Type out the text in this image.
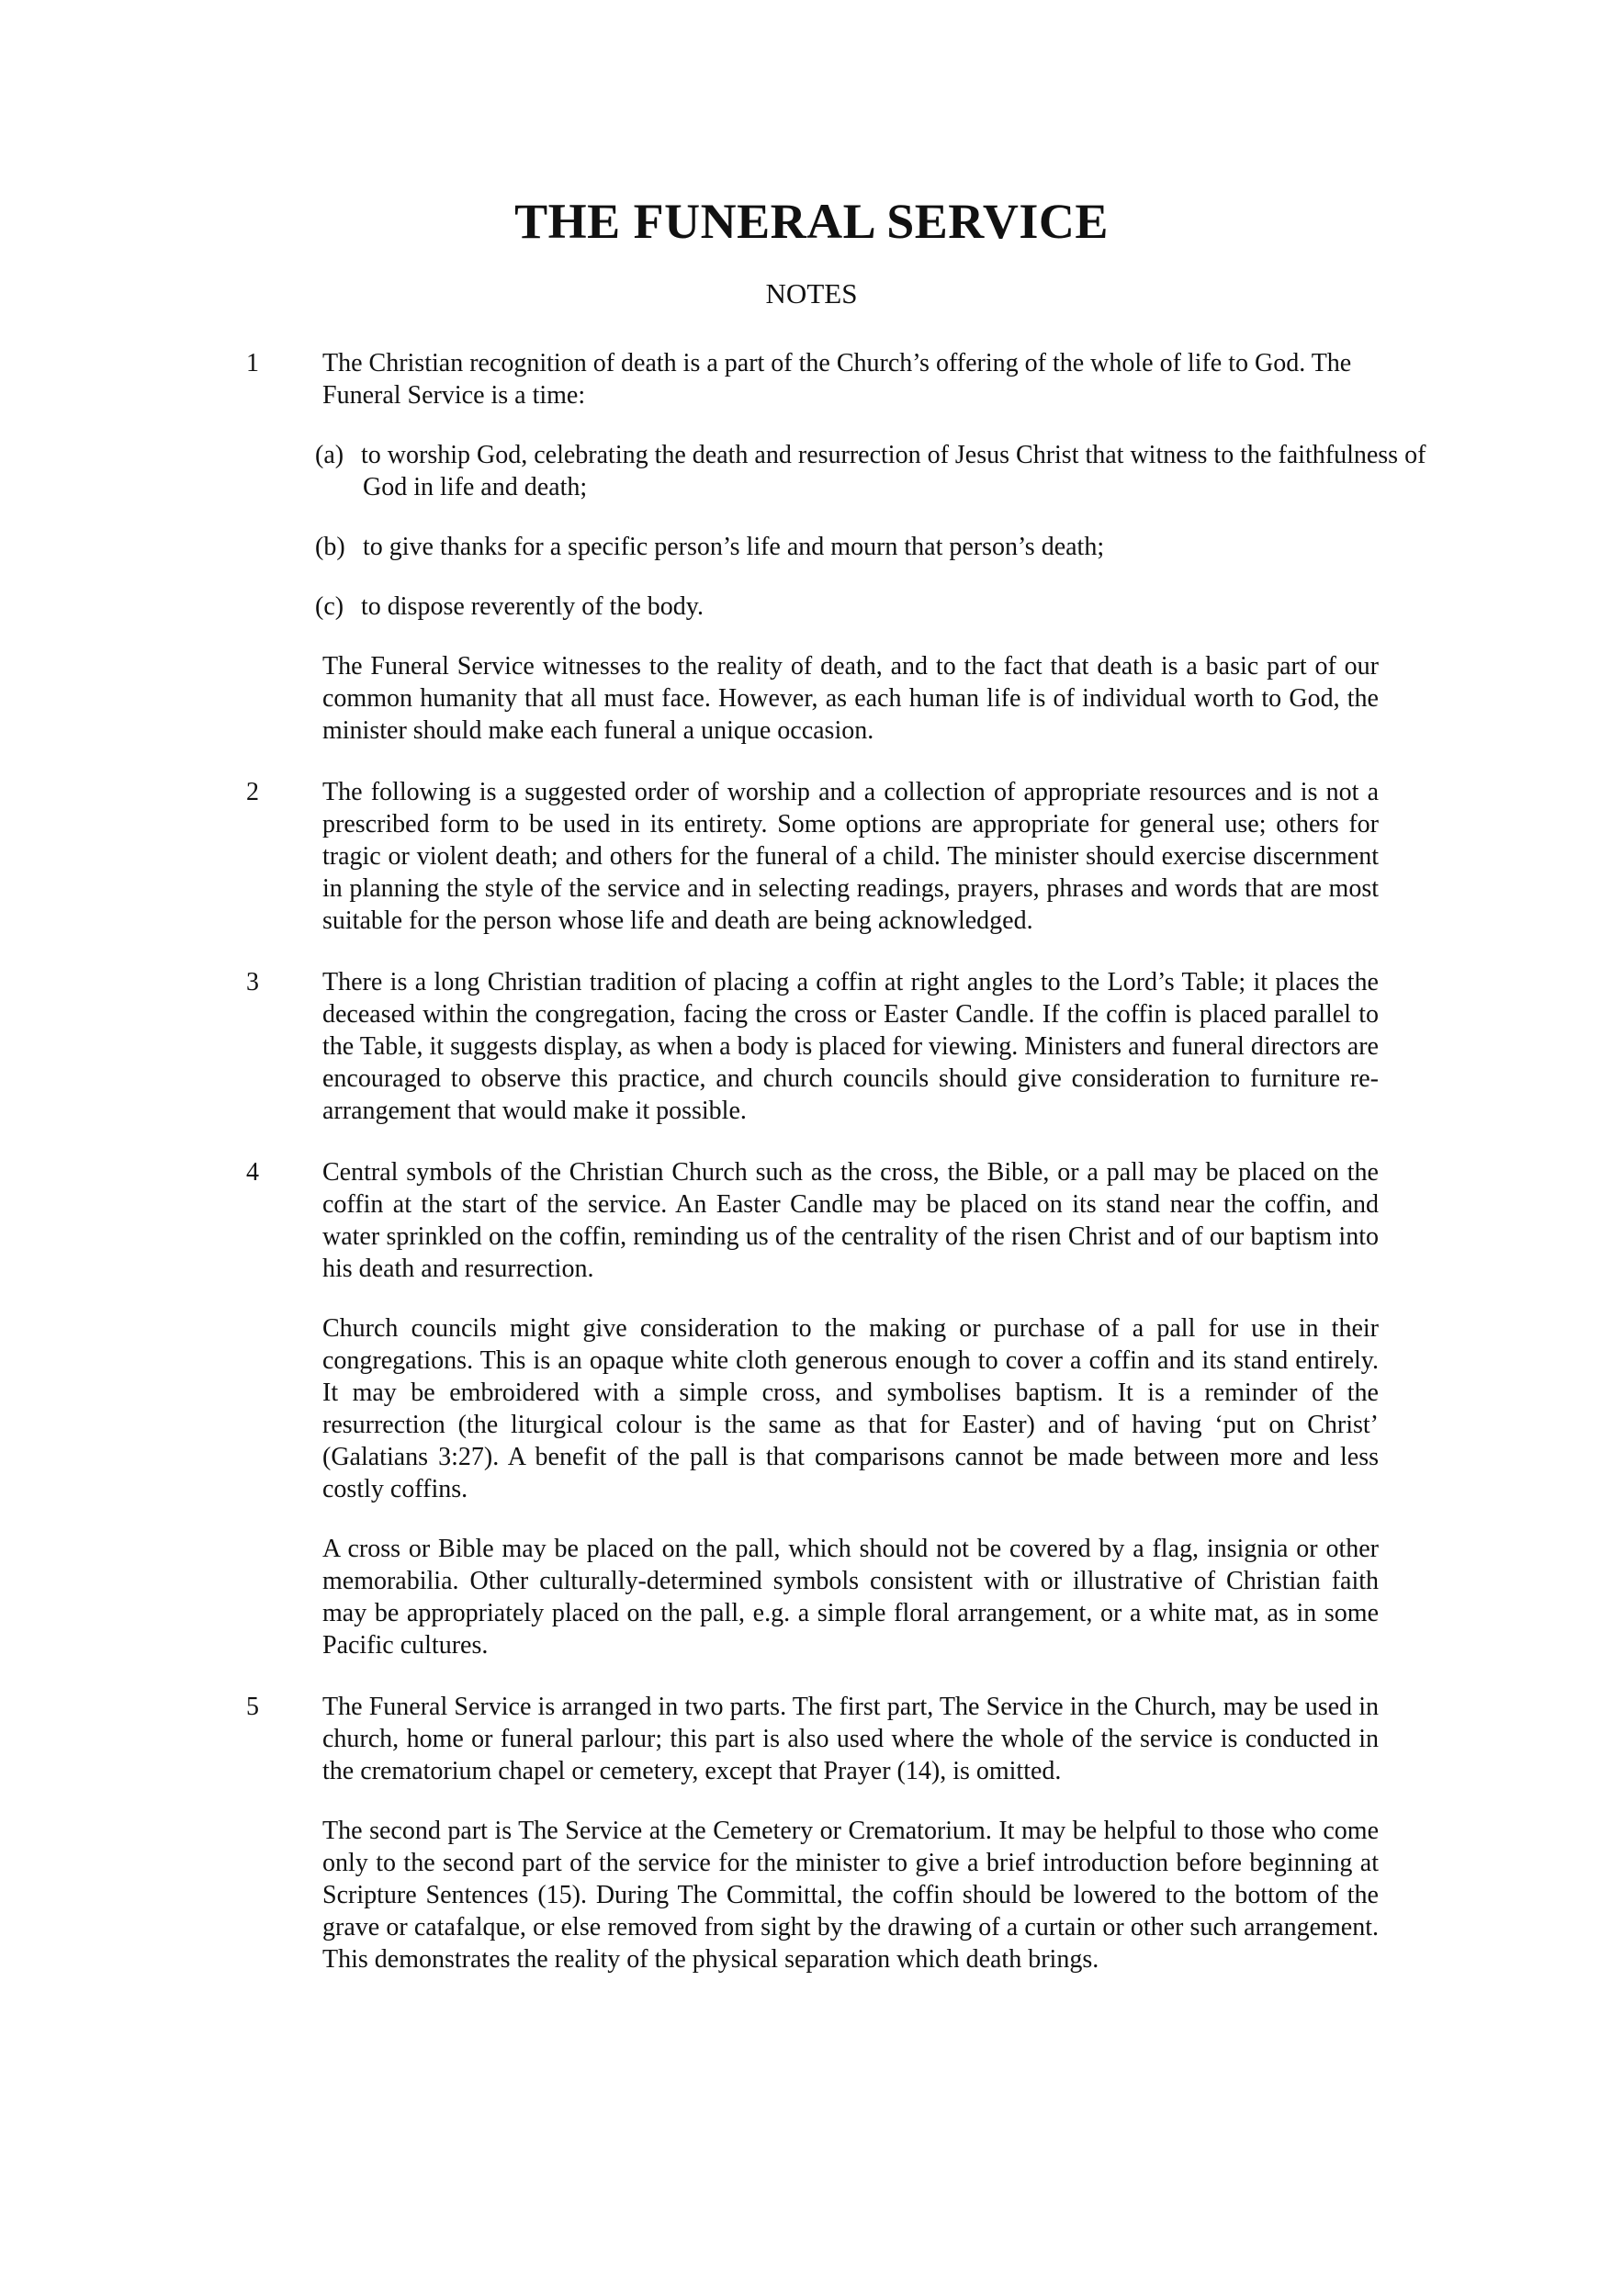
THE FUNERAL SERVICE
NOTES
1 The Christian recognition of death is a part of the Church’s offering of the whole of life to God. The Funeral Service is a time:

(a) to worship God, celebrating the death and resurrection of Jesus Christ that witness to the faithfulness of God in life and death;
(b) to give thanks for a specific person’s life and mourn that person’s death;
(c) to dispose reverently of the body.

The Funeral Service witnesses to the reality of death, and to the fact that death is a basic part of our common humanity that all must face. However, as each human life is of individual worth to God, the minister should make each funeral a unique occasion.

2 The following is a suggested order of worship and a collection of appropriate resources and is not a prescribed form to be used in its entirety. Some options are appropriate for general use; others for tragic or violent death; and others for the funeral of a child. The minister should exercise discernment in planning the style of the service and in selecting readings, prayers, phrases and words that are most suitable for the person whose life and death are being acknowledged.

3 There is a long Christian tradition of placing a coffin at right angles to the Lord’s Table; it places the deceased within the congregation, facing the cross or Easter Candle. If the coffin is placed parallel to the Table, it suggests display, as when a body is placed for viewing. Ministers and funeral directors are encouraged to observe this practice, and church councils should give consideration to furniture re-arrangement that would make it possible.

4 Central symbols of the Christian Church such as the cross, the Bible, or a pall may be placed on the coffin at the start of the service. An Easter Candle may be placed on its stand near the coffin, and water sprinkled on the coffin, reminding us of the centrality of the risen Christ and of our baptism into his death and resurrection.

Church councils might give consideration to the making or purchase of a pall for use in their congregations. This is an opaque white cloth generous enough to cover a coffin and its stand entirely. It may be embroidered with a simple cross, and symbolises baptism. It is a reminder of the resurrection (the liturgical colour is the same as that for Easter) and of having ‘put on Christ’ (Galatians 3:27). A benefit of the pall is that comparisons cannot be made between more and less costly coffins.

A cross or Bible may be placed on the pall, which should not be covered by a flag, insignia or other memorabilia. Other culturally-determined symbols consistent with or illustrative of Christian faith may be appropriately placed on the pall, e.g. a simple floral arrangement, or a white mat, as in some Pacific cultures.

5 The Funeral Service is arranged in two parts. The first part, The Service in the Church, may be used in church, home or funeral parlour; this part is also used where the whole of the service is conducted in the crematorium chapel or cemetery, except that Prayer (14), is omitted.

The second part is The Service at the Cemetery or Crematorium. It may be helpful to those who come only to the second part of the service for the minister to give a brief introduction before beginning at Scripture Sentences (15). During The Committal, the coffin should be lowered to the bottom of the grave or catafalque, or else removed from sight by the drawing of a curtain or other such arrangement. This demonstrates the reality of the physical separation which death brings.
